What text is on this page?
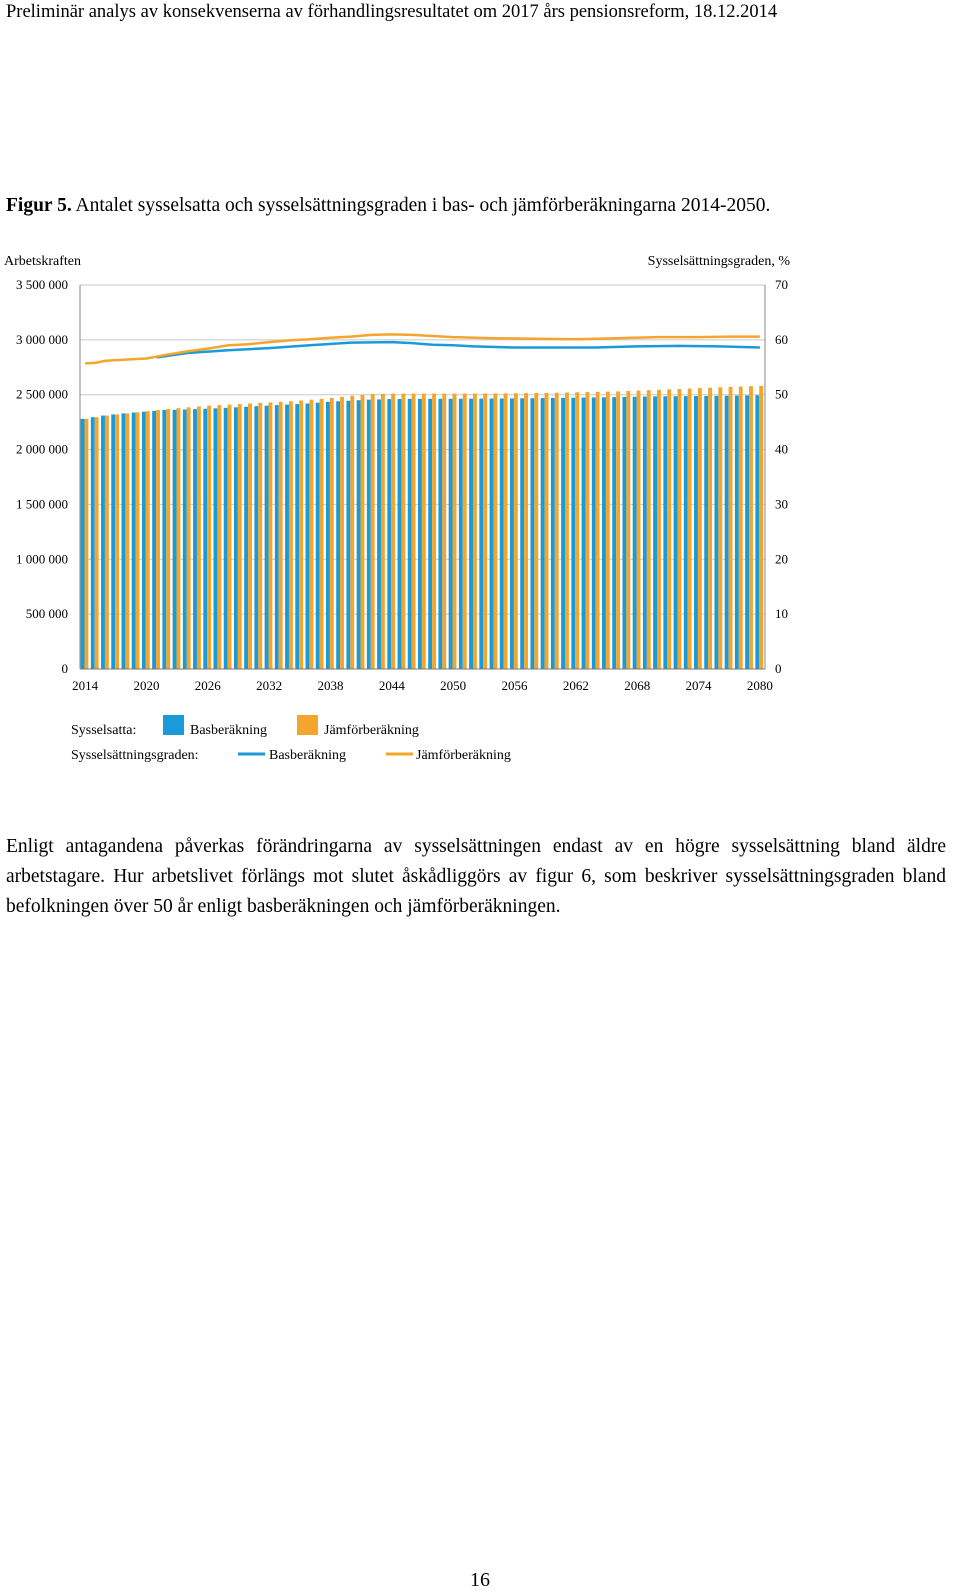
Preliminär analys av konsekvenserna av förhandlingsresultatet om 2017 års pensionsreform, 18.12.2014
Figur 5. Antalet sysselsatta och sysselsättningsgraden i bas- och jämförberäkningarna 2014-2050.
0	0
500 000	10
1 000 000	20
1 500 000	30
2 000 000	40
2 500 000	50
3 000 000	60
3 500 000	70
Arbetskraften	Sysselsättningsgraden, %
2014	2020	2026	2032	2038	2044	2050	2056	2062	2068	2074	2080
Sysselsatta:	Basberäkning	Jämförberäkning
Sysselsättningsgraden:	Basberäkning	Jämförberäkning

Enligt antagandena påverkas förändringarna av sysselsättningen endast av en högre sysselsättning bland äldre arbetstagare. Hur arbetslivet förlängs mot slutet åskådliggörs av figur 6, som beskriver sysselsättningsgraden bland befolkningen över 50 år enligt basberäkningen och jämförberäkningen.

16
